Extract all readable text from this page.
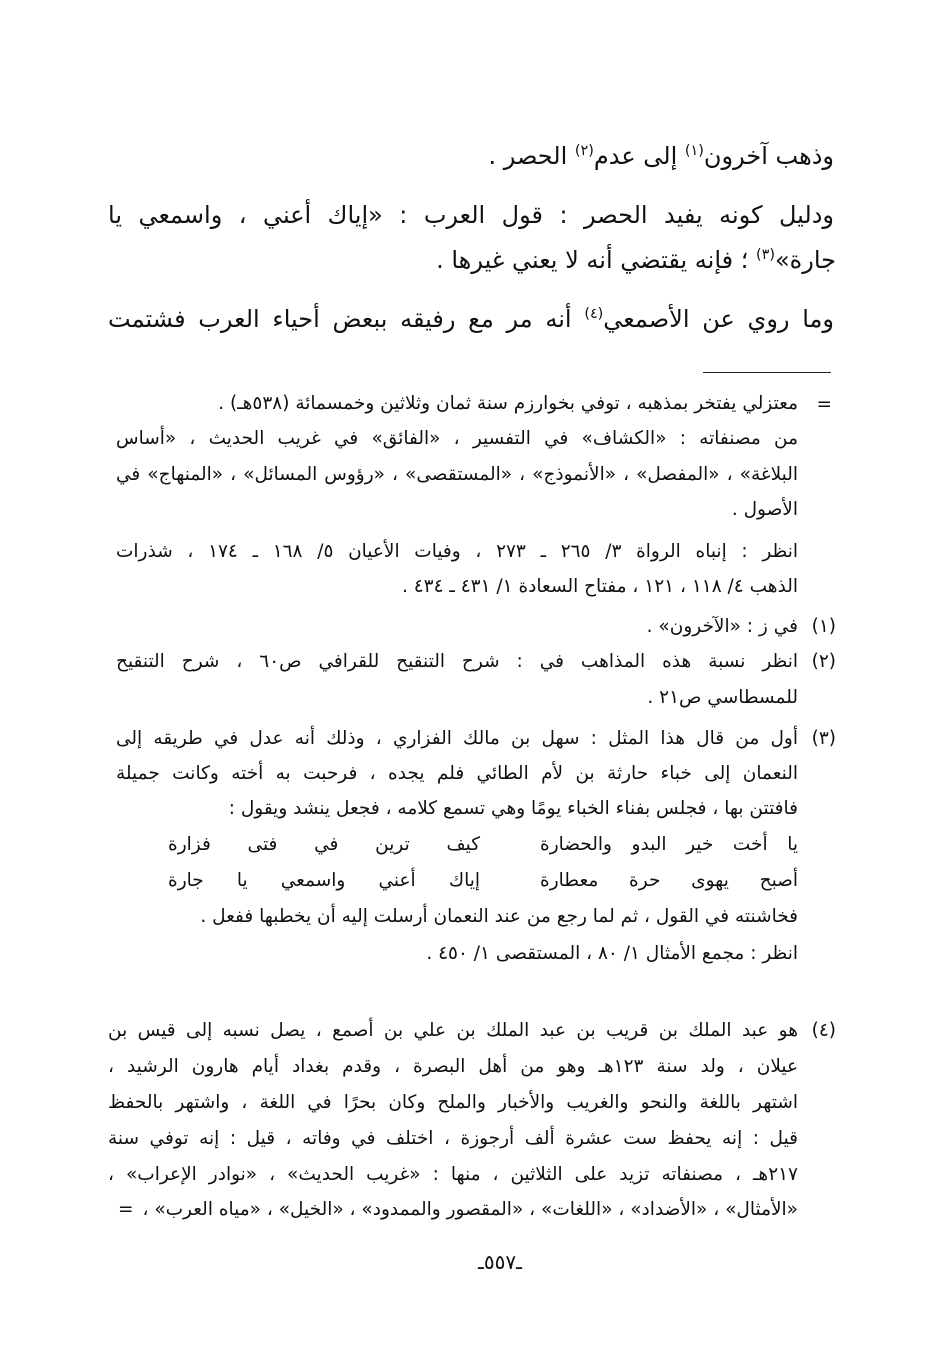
وذهب آخرون$^{(١)}$ إلى عدم$^{(٢)}$ الحصر .
ودليل كونه يفيد الحصر : قول العرب : «إياك أعني ، واسمعي يا
جارة»$^{(٣)}$ ؛ فإنه يقتضي أنه لا يعني غيرها .
وما روي عن الأصمعي$^{(٤)}$ أنه مر مع رفيقه ببعض أحياء العرب فشتمت
=
معتزلي يفتخر بمذهبه ، توفي بخوارزم سنة ثمان وثلاثين وخمسمائة (٥٣٨هـ) .
من مصنفاته : «الكشاف» في التفسير ، «الفائق» في غريب الحديث ، «أساس
البلاغة» ، «المفصل» ، «الأنموذج» ، «المستقصى» ، «رؤوس المسائل» ، «المنهاج» في
الأصول .
انظر : إنباه الرواة ٣/ ٢٦٥ ـ ٢٧٣ ، وفيات الأعيان ٥/ ١٦٨ ـ ١٧٤ ، شذرات
الذهب ٤/ ١١٨ ، ١٢١ ، مفتاح السعادة ١/ ٤٣١ ـ ٤٣٤ .
(١)
في ز : «الآخرون» .
(٢)
انظر نسبة هذه المذاهب في : شرح التنقيح للقرافي ص٦٠ ، شرح التنقيح
للمسطاسي ص٢١ .
(٣)
أول من قال هذا المثل : سهل بن مالك الفزاري ، وذلك أنه عدل في طريقه إلى
النعمان إلى خباء حارثة بن لأم الطائي فلم يجده ، فرحبت به أخته وكانت جميلة
فافتتن بها ، فجلس بفناء الخباء يومًا وهي تسمع كلامه ، فجعل ينشد ويقول :
يا أخت خير البدو والحضارة
كيف ترين في فتى فزارة
أصبح يهوى حرة معطارة
إياك أعني واسمعي يا جارة
فخاشنته في القول ، ثم لما رجع من عند النعمان أرسلت إليه أن يخطبها ففعل .
انظر : مجمع الأمثال ١/ ٨٠ ، المستقصى ١/ ٤٥٠ .
(٤)
هو عبد الملك بن قريب بن عبد الملك بن علي بن أصمع ، يصل نسبه إلى قيس بن
عيلان ، ولد سنة ١٢٣هـ وهو من أهل البصرة ، وقدم بغداد أيام هارون الرشيد ،
اشتهر باللغة والنحو والغريب والأخبار والملح وكان بحرًا في اللغة ، واشتهر بالحفظ
قيل : إنه يحفظ ست عشرة ألف أرجوزة ، اختلف في وفاته ، قيل : إنه توفي سنة
٢١٧هـ ، مصنفاته تزيد على الثلاثين ، منها : «غريب الحديث» ، «نوادر الإعراب» ،
«الأمثال» ، «الأضداد» ، «اللغات» ، «المقصور والممدود» ، «الخيل» ، «مياه العرب» ،
=
ـ٥٥٧ـ
